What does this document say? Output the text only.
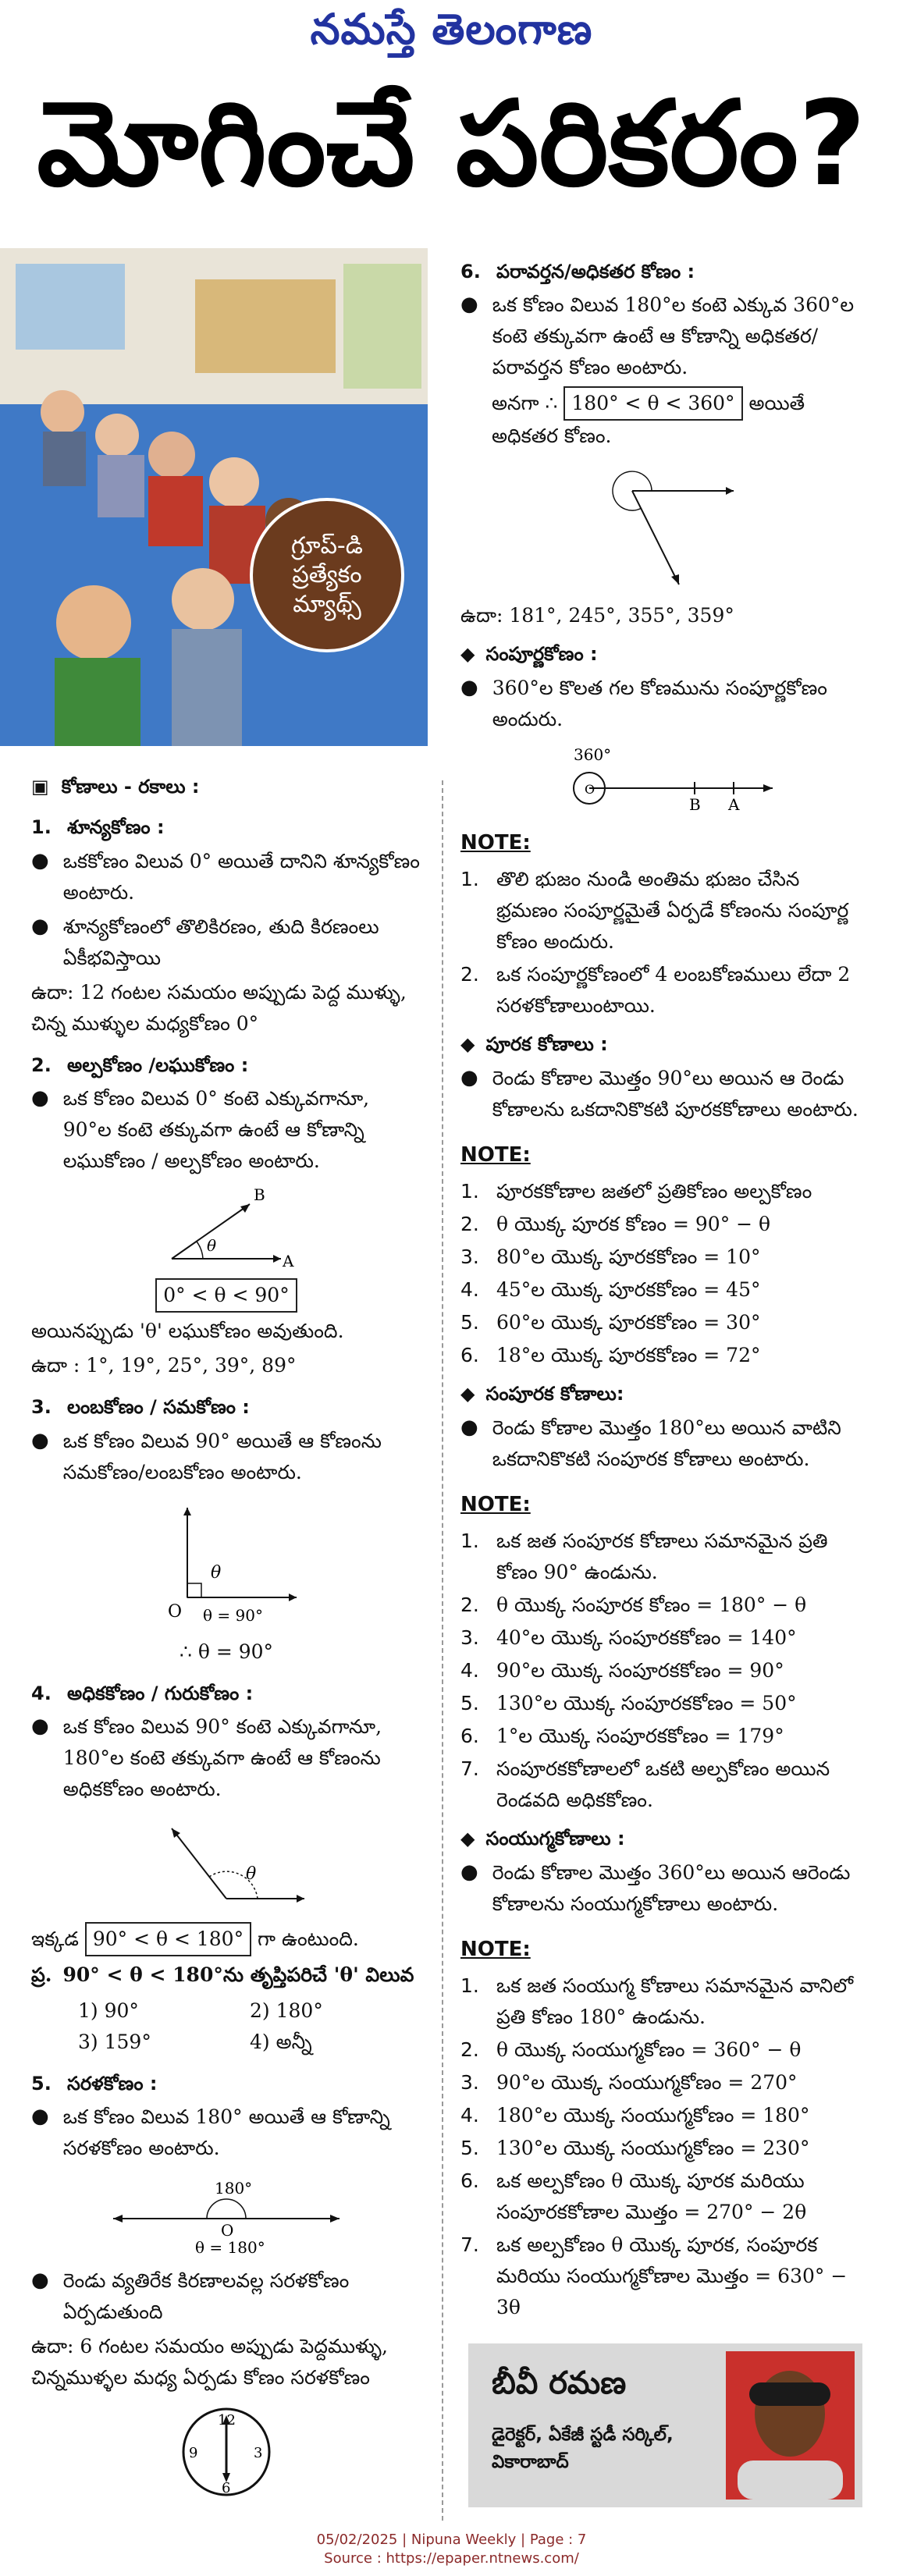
నమస్తే తెలంగాణ
మోగించే పరికరం?
గ్రూప్-డి
ప్రత్యేకం
మ్యాథ్స్
▣ కోణాలు - రకాలు :
1. శూన్యకోణం :
● ఒకకోణం విలువ 0° అయితే దానిని శూన్యకోణం అంటారు.
● శూన్యకోణంలో తొలికిరణం, తుది కిరణంలు ఏకీభవిస్తాయి
ఉదా: 12 గంటల సమయం అప్పుడు పెద్ద ముళ్ళు, చిన్న ముళ్ళుల మధ్యకోణం 0°
2. అల్పకోణం /లఘుకోణం :
● ఒక కోణం విలువ 0° కంటె ఎక్కువగానూ, 90°ల కంటె తక్కువగా ఉంటే ఆ కోణాన్ని లఘుకోణం / అల్పకోణం అంటారు.
θ
A
B
0° < θ < 90°
అయినప్పుడు 'θ' లఘుకోణం అవుతుంది.
ఉదా : 1°, 19°, 25°, 39°, 89°
3. లంబకోణం / సమకోణం :
● ఒక కోణం విలువ 90° అయితే ఆ కోణంను సమకోణం/లంబకోణం అంటారు.
θ
O θ = 90°
∴ θ = 90°
4. అధికకోణం / గురుకోణం :
● ఒక కోణం విలువ 90° కంటె ఎక్కువగానూ, 180°ల కంటె తక్కువగా ఉంటే ఆ కోణంను అధికకోణం అంటారు.
θ
ఇక్కడ 90° < θ < 180° గా ఉంటుంది.
ప్ర. 90° < θ < 180°ను తృప్తిపరిచే 'θ' విలువ
1) 90°	2) 180°
3) 159°	4) అన్నీ
5. సరళకోణం :
● ఒక కోణం విలువ 180° అయితే ఆ కోణాన్ని సరళకోణం అంటారు.
180°
O
θ = 180°
● రెండు వ్యతిరేక కిరణాలవల్ల సరళకోణం ఏర్పడుతుంది
ఉదా: 6 గంటల సమయం అప్పుడు పెద్దముళ్ళు, చిన్నముళ్ళల మధ్య ఏర్పడు కోణం సరళకోణం
12
3
6
9
6. పరావర్తన/అధికతర కోణం :
● ఒక కోణం విలువ 180°ల కంటె ఎక్కువ 360°ల కంటె తక్కువగా ఉంటే ఆ కోణాన్ని అధికతర/పరావర్తన కోణం అంటారు.
అనగా ∴ 180° < θ < 360° అయితే అధికతర కోణం.
ఉదా: 181°, 245°, 355°, 359°
◆ సంపూర్ణకోణం :
● 360°ల కొలత గల కోణమును సంపూర్ణకోణం అందురు.
360°
O
B A
NOTE:
1. తొలి భుజం నుండి అంతిమ భుజం చేసిన భ్రమణం సంపూర్ణమైతే ఏర్పడే కోణంను సంపూర్ణ కోణం అందురు.
2. ఒక సంపూర్ణకోణంలో 4 లంబకోణములు లేదా 2 సరళకోణాలుంటాయి.
◆ పూరక కోణాలు :
● రెండు కోణాల మొత్తం 90°లు అయిన ఆ రెండు కోణాలను ఒకదానికొకటి పూరకకోణాలు అంటారు.
NOTE:
1. పూరకకోణాల జతలో ప్రతికోణం అల్పకోణం
2. θ యొక్క పూరక కోణం = 90° − θ
3. 80°ల యొక్క పూరకకోణం = 10°
4. 45°ల యొక్క పూరకకోణం = 45°
5. 60°ల యొక్క పూరకకోణం = 30°
6. 18°ల యొక్క పూరకకోణం = 72°
◆ సంపూరక కోణాలు:
● రెండు కోణాల మొత్తం 180°లు అయిన వాటిని ఒకదానికొకటి సంపూరక కోణాలు అంటారు.
NOTE:
1. ఒక జత సంపూరక కోణాలు సమానమైన ప్రతి కోణం 90° ఉండును.
2. θ యొక్క సంపూరక కోణం = 180° − θ
3. 40°ల యొక్క సంపూరకకోణం = 140°
4. 90°ల యొక్క సంపూరకకోణం = 90°
5. 130°ల యొక్క సంపూరకకోణం = 50°
6. 1°ల యొక్క సంపూరకకోణం = 179°
7. సంపూరకకోణాలలో ఒకటి అల్పకోణం అయిన రెండవది అధికకోణం.
◆ సంయుగ్మకోణాలు :
● రెండు కోణాల మొత్తం 360°లు అయిన ఆరెండు కోణాలను సంయుగ్మకోణాలు అంటారు.
NOTE:
1. ఒక జత సంయుగ్మ కోణాలు సమానమైన వానిలో ప్రతి కోణం 180° ఉండును.
2. θ యొక్క సంయుగ్మకోణం = 360° − θ
3. 90°ల యొక్క సంయుగ్మకోణం = 270°
4. 180°ల యొక్క సంయుగ్మకోణం = 180°
5. 130°ల యొక్క సంయుగ్మకోణం = 230°
6. ఒక అల్పకోణం θ యొక్క పూరక మరియు సంపూరకకోణాల మొత్తం = 270° − 2θ
7. ఒక అల్పకోణం θ యొక్క పూరక, సంపూరక మరియు సంయుగ్మకోణాల మొత్తం = 630° − 3θ
బీవీ రమణ
డైరెక్టర్, ఏకేజీ స్టడీ సర్కిల్, వికారాబాద్
05/02/2025 | Nipuna Weekly | Page : 7
Source : https://epaper.ntnews.com/
